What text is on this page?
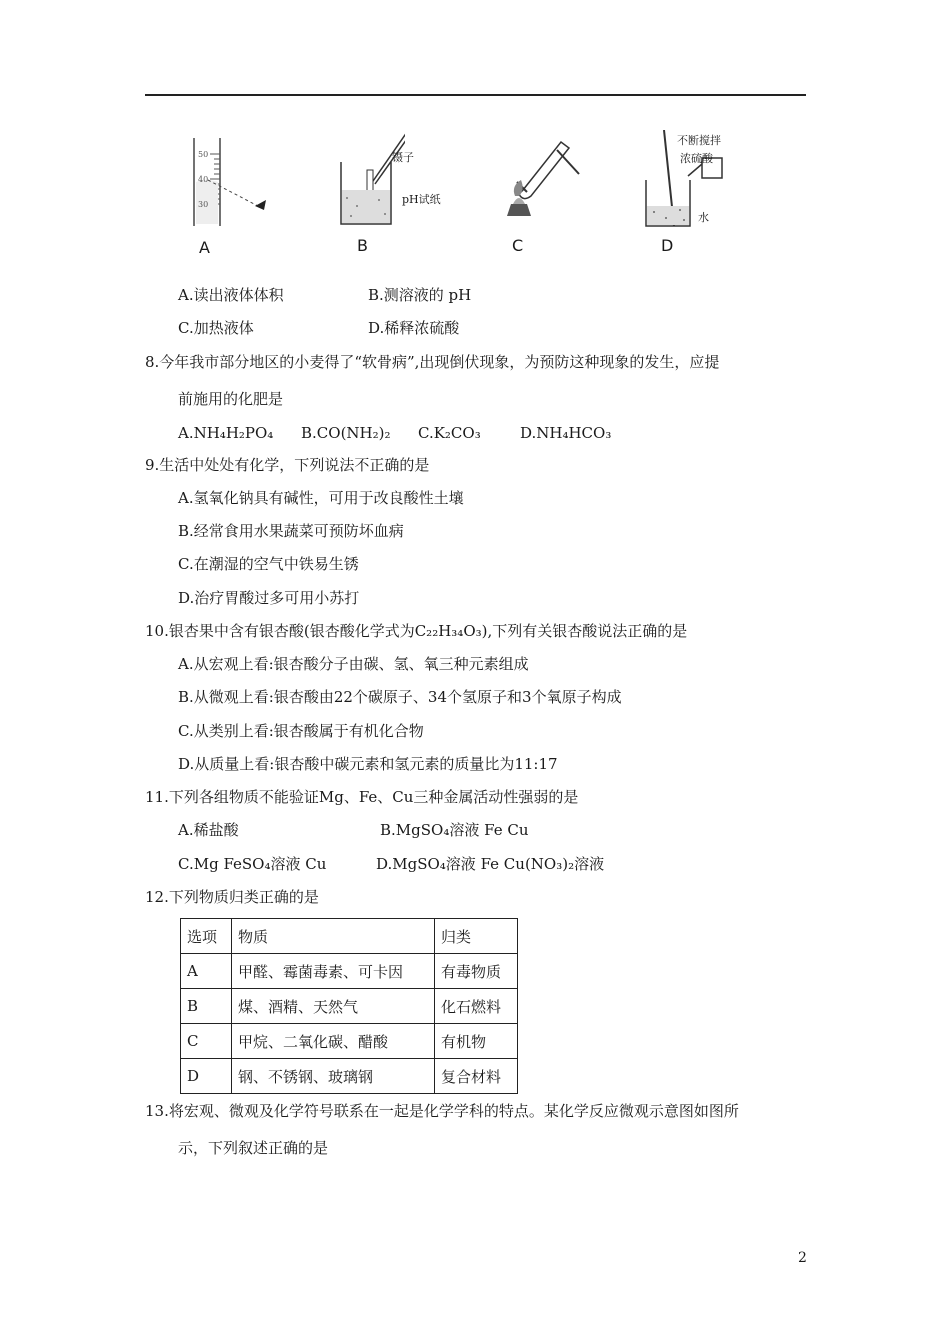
50
40
30
A
镊子
pH试纸
B	C
不断搅拌
浓硫酸
水
D
A.读出液体体积	B.测溶液的 pH
C.加热液体	D.稀释浓硫酸
8.今年我市部分地区的小麦得了“软骨病”,出现倒伏现象，为预防这种现象的发生，应提
前施用的化肥是
A.NH₄H₂PO₄ B.CO(NH₂)₂ C.K₂CO₃	D.NH₄HCO₃
9.生活中处处有化学，下列说法不正确的是
A.氢氧化钠具有碱性，可用于改良酸性土壤
B.经常食用水果蔬菜可预防坏血病
C.在潮湿的空气中铁易生锈
D.治疗胃酸过多可用小苏打
10.银杏果中含有银杏酸(银杏酸化学式为C₂₂H₃₄O₃),下列有关银杏酸说法正确的是
A.从宏观上看:银杏酸分子由碳、氢、氧三种元素组成
B.从微观上看:银杏酸由22个碳原子、34个氢原子和3个氧原子构成
C.从类别上看:银杏酸属于有机化合物
D.从质量上看:银杏酸中碳元素和氢元素的质量比为11:17
11.下列各组物质不能验证Mg、Fe、Cu三种金属活动性强弱的是
A.稀盐酸	B.MgSO₄溶液 Fe Cu
C.Mg FeSO₄溶液 Cu	D.MgSO₄溶液 Fe Cu(NO₃)₂溶液
12.下列物质归类正确的是
选项	物质	归类
A	甲醛、霉菌毒素、可卡因	有毒物质
B	煤、酒精、天然气	化石燃料
C	甲烷、二氧化碳、醋酸	有机物
D	钢、不锈钢、玻璃钢	复合材料
13.将宏观、微观及化学符号联系在一起是化学学科的特点。某化学反应微观示意图如图所
示，下列叙述正确的是
2
